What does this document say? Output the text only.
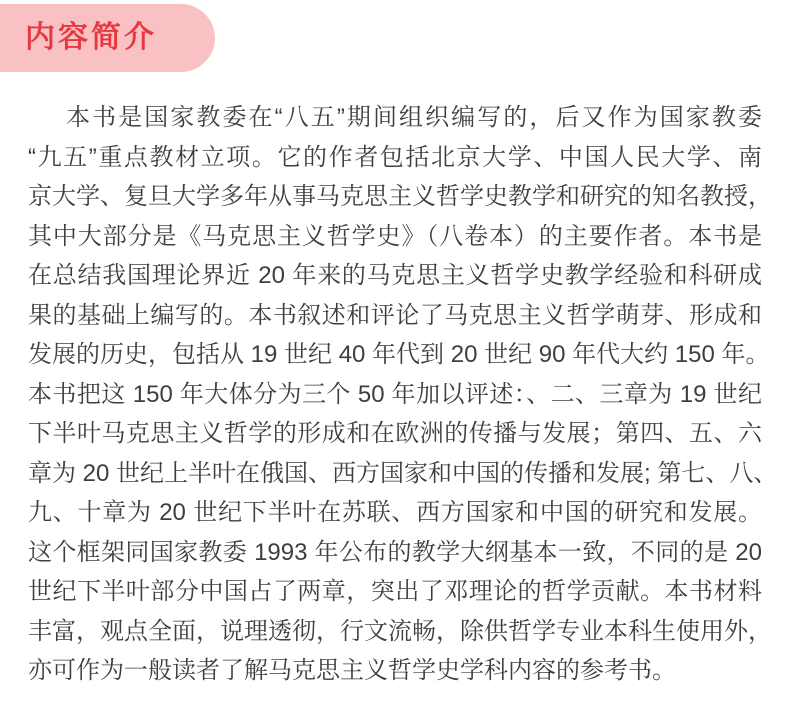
内容简介
本书是国家教委在“八五”期间组织编写的，后又作为国家教委
“九五”重点教材立项。它的作者包括北京大学、中国人民大学、南
京大学、复旦大学多年从事马克思主义哲学史教学和研究的知名教授，
其中大部分是《马克思主义哲学史》（八卷本）的主要作者。本书是
在总结我国理论界近 20 年来的马克思主义哲学史教学经验和科研成
果的基础上编写的。本书叙述和评论了马克思主义哲学萌芽、形成和
发展的历史，包括从 19 世纪 40 年代到 20 世纪 90 年代大约 150 年。
本书把这 150 年大体分为三个 50 年加以评述：、二、三章为 19 世纪
下半叶马克思主义哲学的形成和在欧洲的传播与发展；第四、五、六
章为 20 世纪上半叶在俄国、西方国家和中国的传播和发展; 第七、八、
九、十章为 20 世纪下半叶在苏联、西方国家和中国的研究和发展。
这个框架同国家教委 1993 年公布的教学大纲基本一致，不同的是 20
世纪下半叶部分中国占了两章，突出了邓理论的哲学贡献。本书材料
丰富，观点全面，说理透彻，行文流畅，除供哲学专业本科生使用外，
亦可作为一般读者了解马克思主义哲学史学科内容的参考书。
